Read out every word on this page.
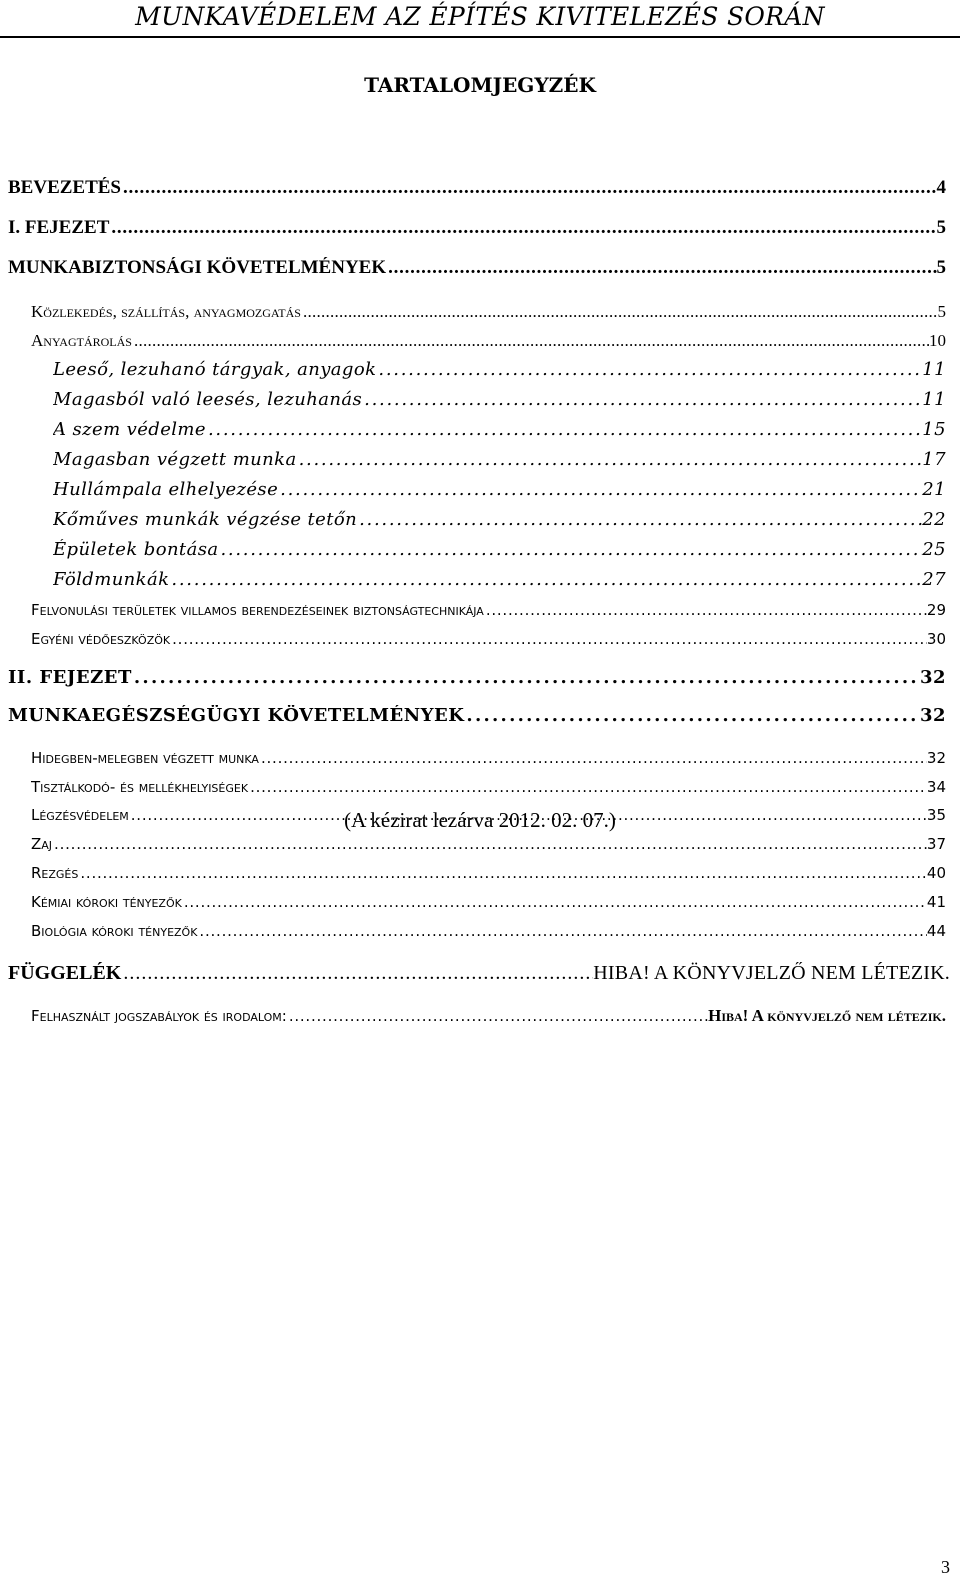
MUNKAVÉDELEM AZ ÉPÍTÉS KIVITELEZÉS SORÁN
TARTALOMJEGYZÉK
BEVEZETÉS . . .	4
I. FEJEZET . . .	5
MUNKABIZTONSÁGI KÖVETELMÉNYEK . . .	5
Közlekedés, szállítás, anyagmozgatás . . .	5
Anyagtárolás . . .	10
Leeső, lezuhanó tárgyak, anyagok . . .	11
Magasból való leesés, lezuhanás . . .	11
A szem védelme . . .	15
Magasban végzett munka . . .	17
Hullámpala elhelyezése . . .	21
Kőműves munkák végzése tetőn . . .	22
Épületek bontása . . .	25
Földmunkák . . .	27
Felvonulási területek villamos berendezéseinek biztonságtechnikája . . .	29
Egyéni védőeszközök . . .	30
II. FEJEZET . . .	32
MUNKAEGÉSZSÉGÜGYI KÖVETELMÉNYEK . . .	32
Hidegben-melegben végzett munka . . .	32
Tisztálkodó- és mellékhelyiségek . . .	34
Légzésvédelem . . .	35
Zaj . . .	37
Rezgés . . .	40
Kémiai kóroki tényezők . . .	41
Biológia kóroki tényezők . . .	44
FÜGGELÉK . . .	HIBA! A KÖNYVJELZŐ NEM LÉTEZIK.
Felhasznált jogszabályok és irodalom: . . .	Hiba! A könyvjelző nem létezik.
(A kézirat lezárva 2012. 02. 07.)
3
